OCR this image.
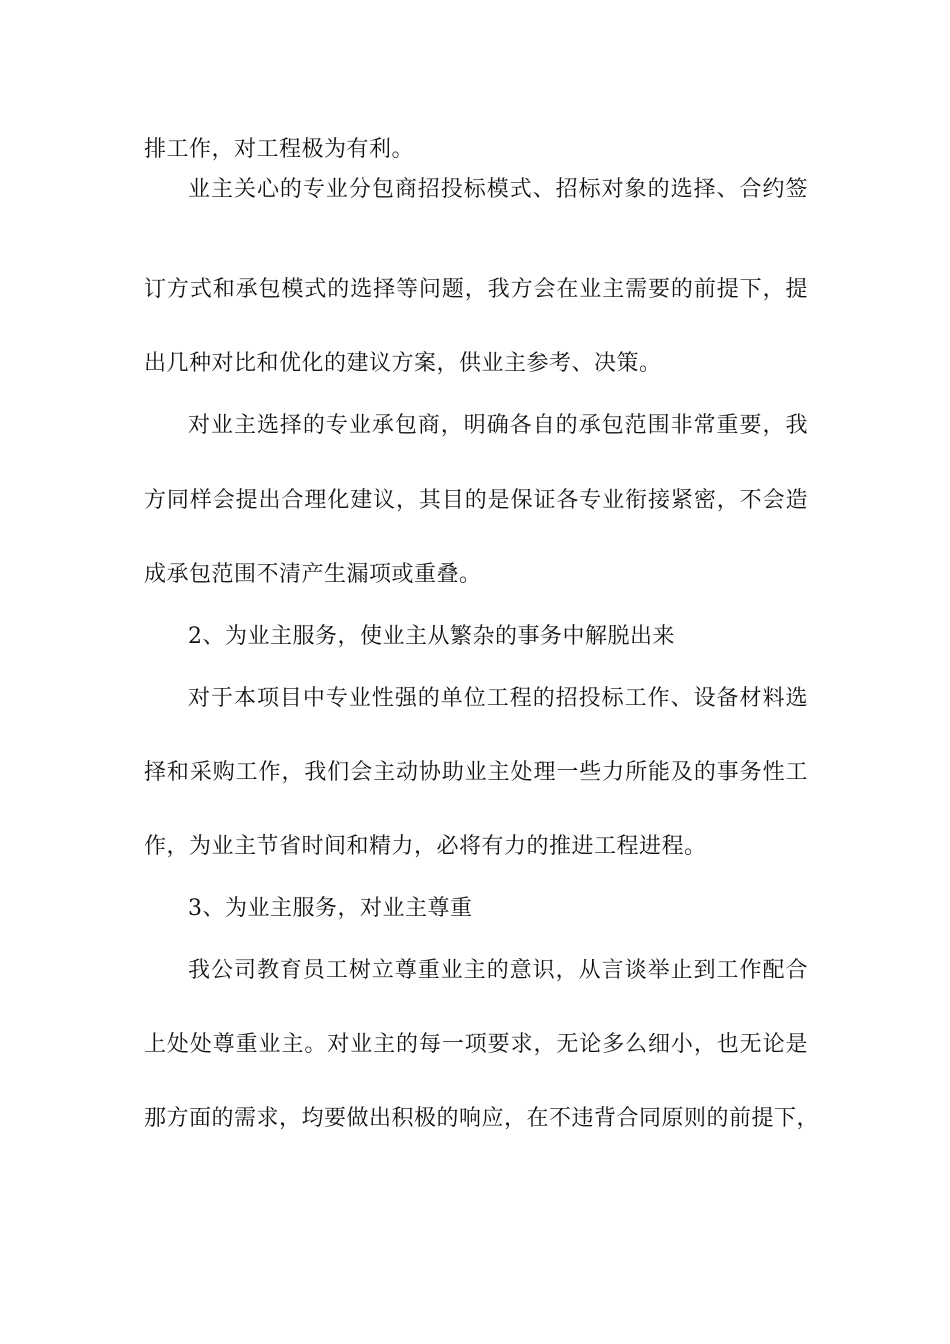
排工作，对工程极为有利。
业主关心的专业分包商招投标模式、招标对象的选择、合约签
订方式和承包模式的选择等问题，我方会在业主需要的前提下，提
出几种对比和优化的建议方案，供业主参考、决策。
对业主选择的专业承包商，明确各自的承包范围非常重要，我
方同样会提出合理化建议，其目的是保证各专业衔接紧密，不会造
成承包范围不清产生漏项或重叠。
2、为业主服务，使业主从繁杂的事务中解脱出来
对于本项目中专业性强的单位工程的招投标工作、设备材料选
择和采购工作，我们会主动协助业主处理一些力所能及的事务性工
作，为业主节省时间和精力，必将有力的推进工程进程。
3、为业主服务，对业主尊重
我公司教育员工树立尊重业主的意识，从言谈举止到工作配合
上处处尊重业主。对业主的每一项要求，无论多么细小，也无论是
那方面的需求，均要做出积极的响应，在不违背合同原则的前提下，
